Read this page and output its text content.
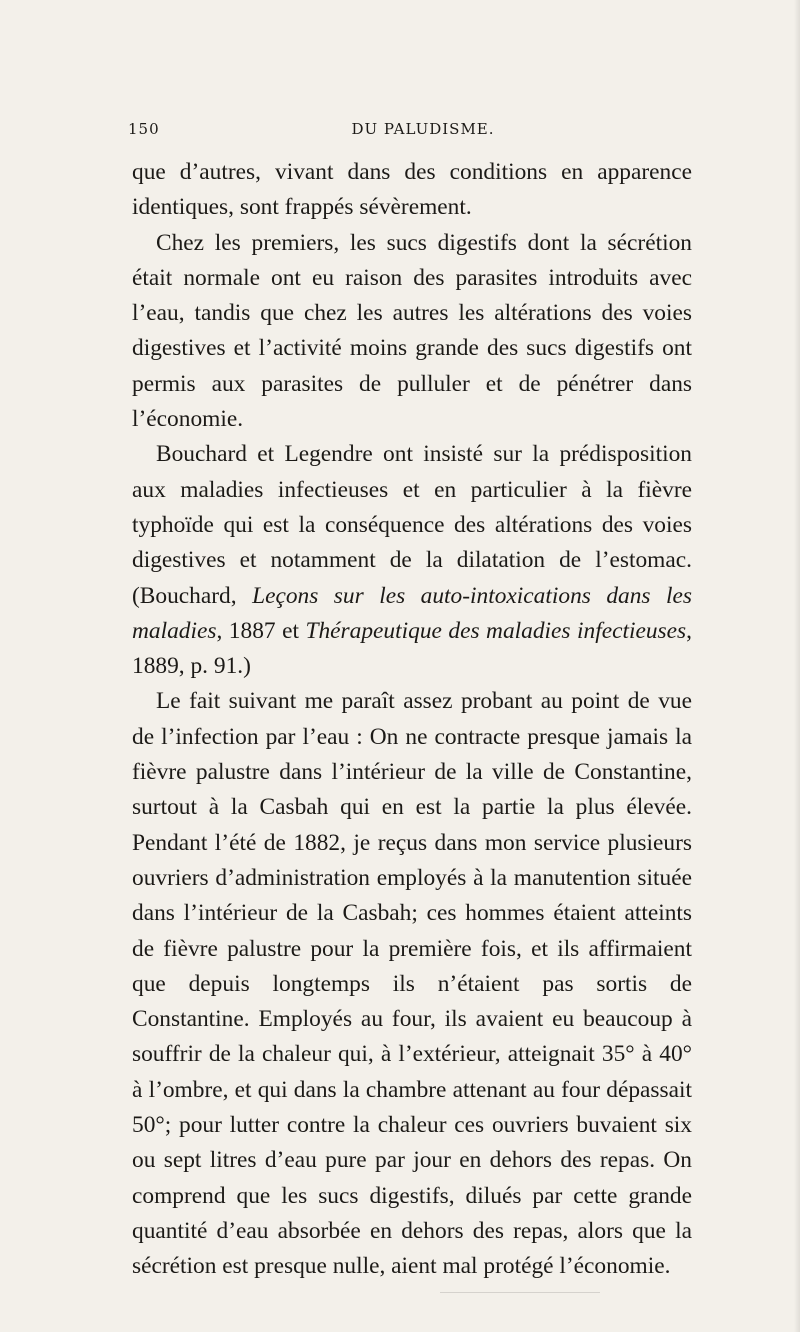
150	DU PALUDISME.

que d’autres, vivant dans des conditions en apparence identiques, sont frappés sévèrement.

Chez les premiers, les sucs digestifs dont la sécrétion était normale ont eu raison des parasites introduits avec l’eau, tandis que chez les autres les altérations des voies digestives et l’activité moins grande des sucs digestifs ont permis aux parasites de pulluler et de pénétrer dans l’économie.

Bouchard et Legendre ont insisté sur la prédisposition aux maladies infectieuses et en particulier à la fièvre typhoïde qui est la conséquence des altérations des voies digestives et notamment de la dilatation de l’estomac. (Bouchard, Leçons sur les auto-intoxications dans les maladies, 1887 et Thérapeutique des maladies infectieuses, 1889, p. 91.)

Le fait suivant me paraît assez probant au point de vue de l’infection par l’eau : On ne contracte presque jamais la fièvre palustre dans l’intérieur de la ville de Constantine, surtout à la Casbah qui en est la partie la plus élevée. Pendant l’été de 1882, je reçus dans mon service plusieurs ouvriers d’administration employés à la manutention située dans l’intérieur de la Casbah; ces hommes étaient atteints de fièvre palustre pour la première fois, et ils affirmaient que depuis longtemps ils n’étaient pas sortis de Constantine. Employés au four, ils avaient eu beaucoup à souffrir de la chaleur qui, à l’extérieur, atteignait 35° à 40° à l’ombre, et qui dans la chambre attenant au four dépassait 50°; pour lutter contre la chaleur ces ouvriers buvaient six ou sept litres d’eau pure par jour en dehors des repas. On comprend que les sucs digestifs, dilués par cette grande quantité d’eau absorbée en dehors des repas, alors que la sécrétion est presque nulle, aient mal protégé l’économie.
